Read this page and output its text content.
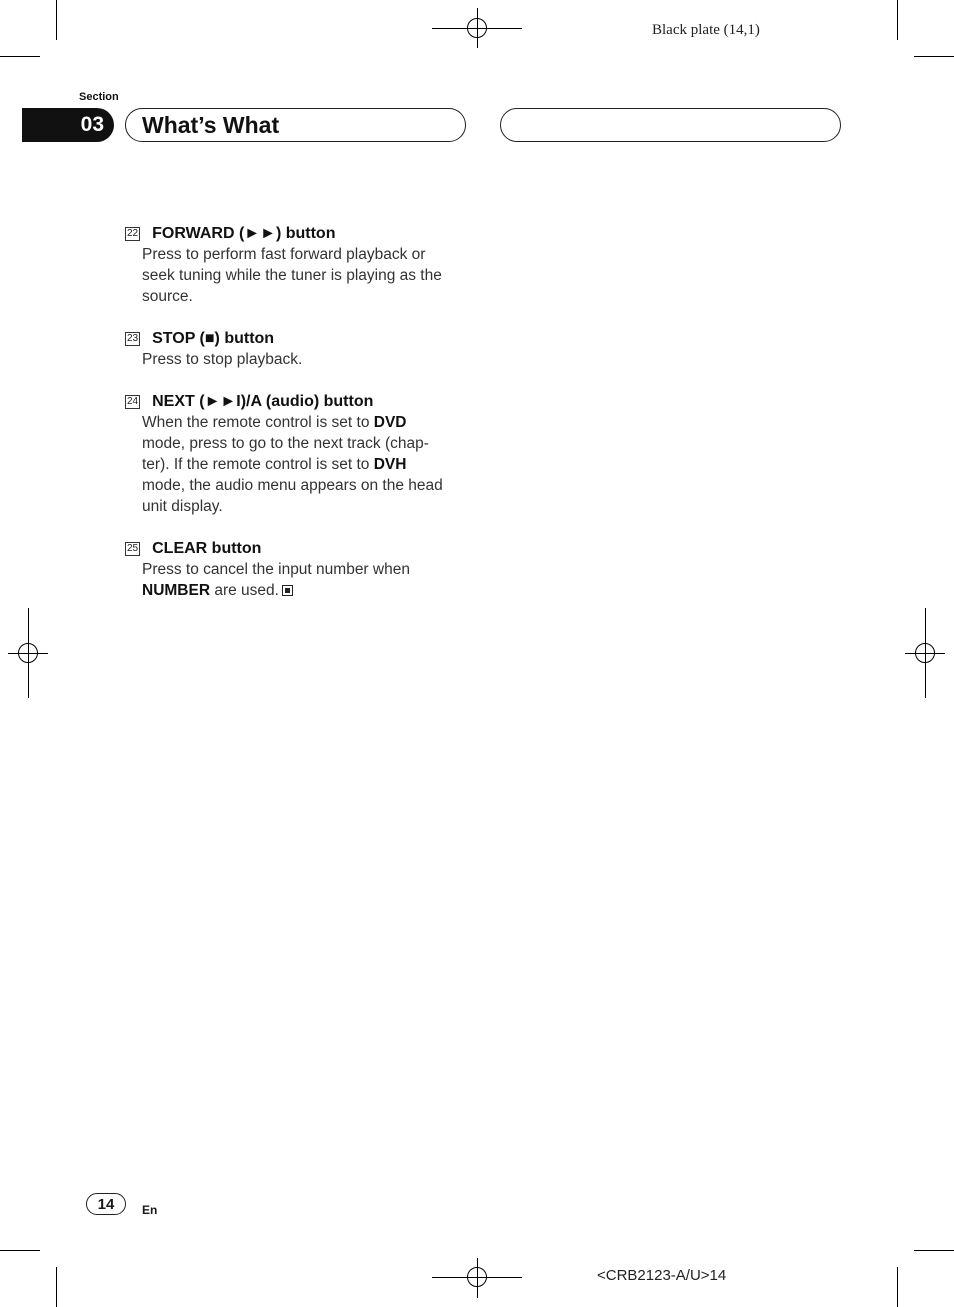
Black plate (14,1)
Section
03	What’s What
22 FORWARD (►►) button
Press to perform fast forward playback or
seek tuning while the tuner is playing as the
source.
23 STOP (■) button
Press to stop playback.
24 NEXT (►►I)/A (audio) button
When the remote control is set to DVD
mode, press to go to the next track (chap-
ter). If the remote control is set to DVH
mode, the audio menu appears on the head
unit display.
25 CLEAR button
Press to cancel the input number when
NUMBER are used.
14	En
<CRB2123-A/U>14
